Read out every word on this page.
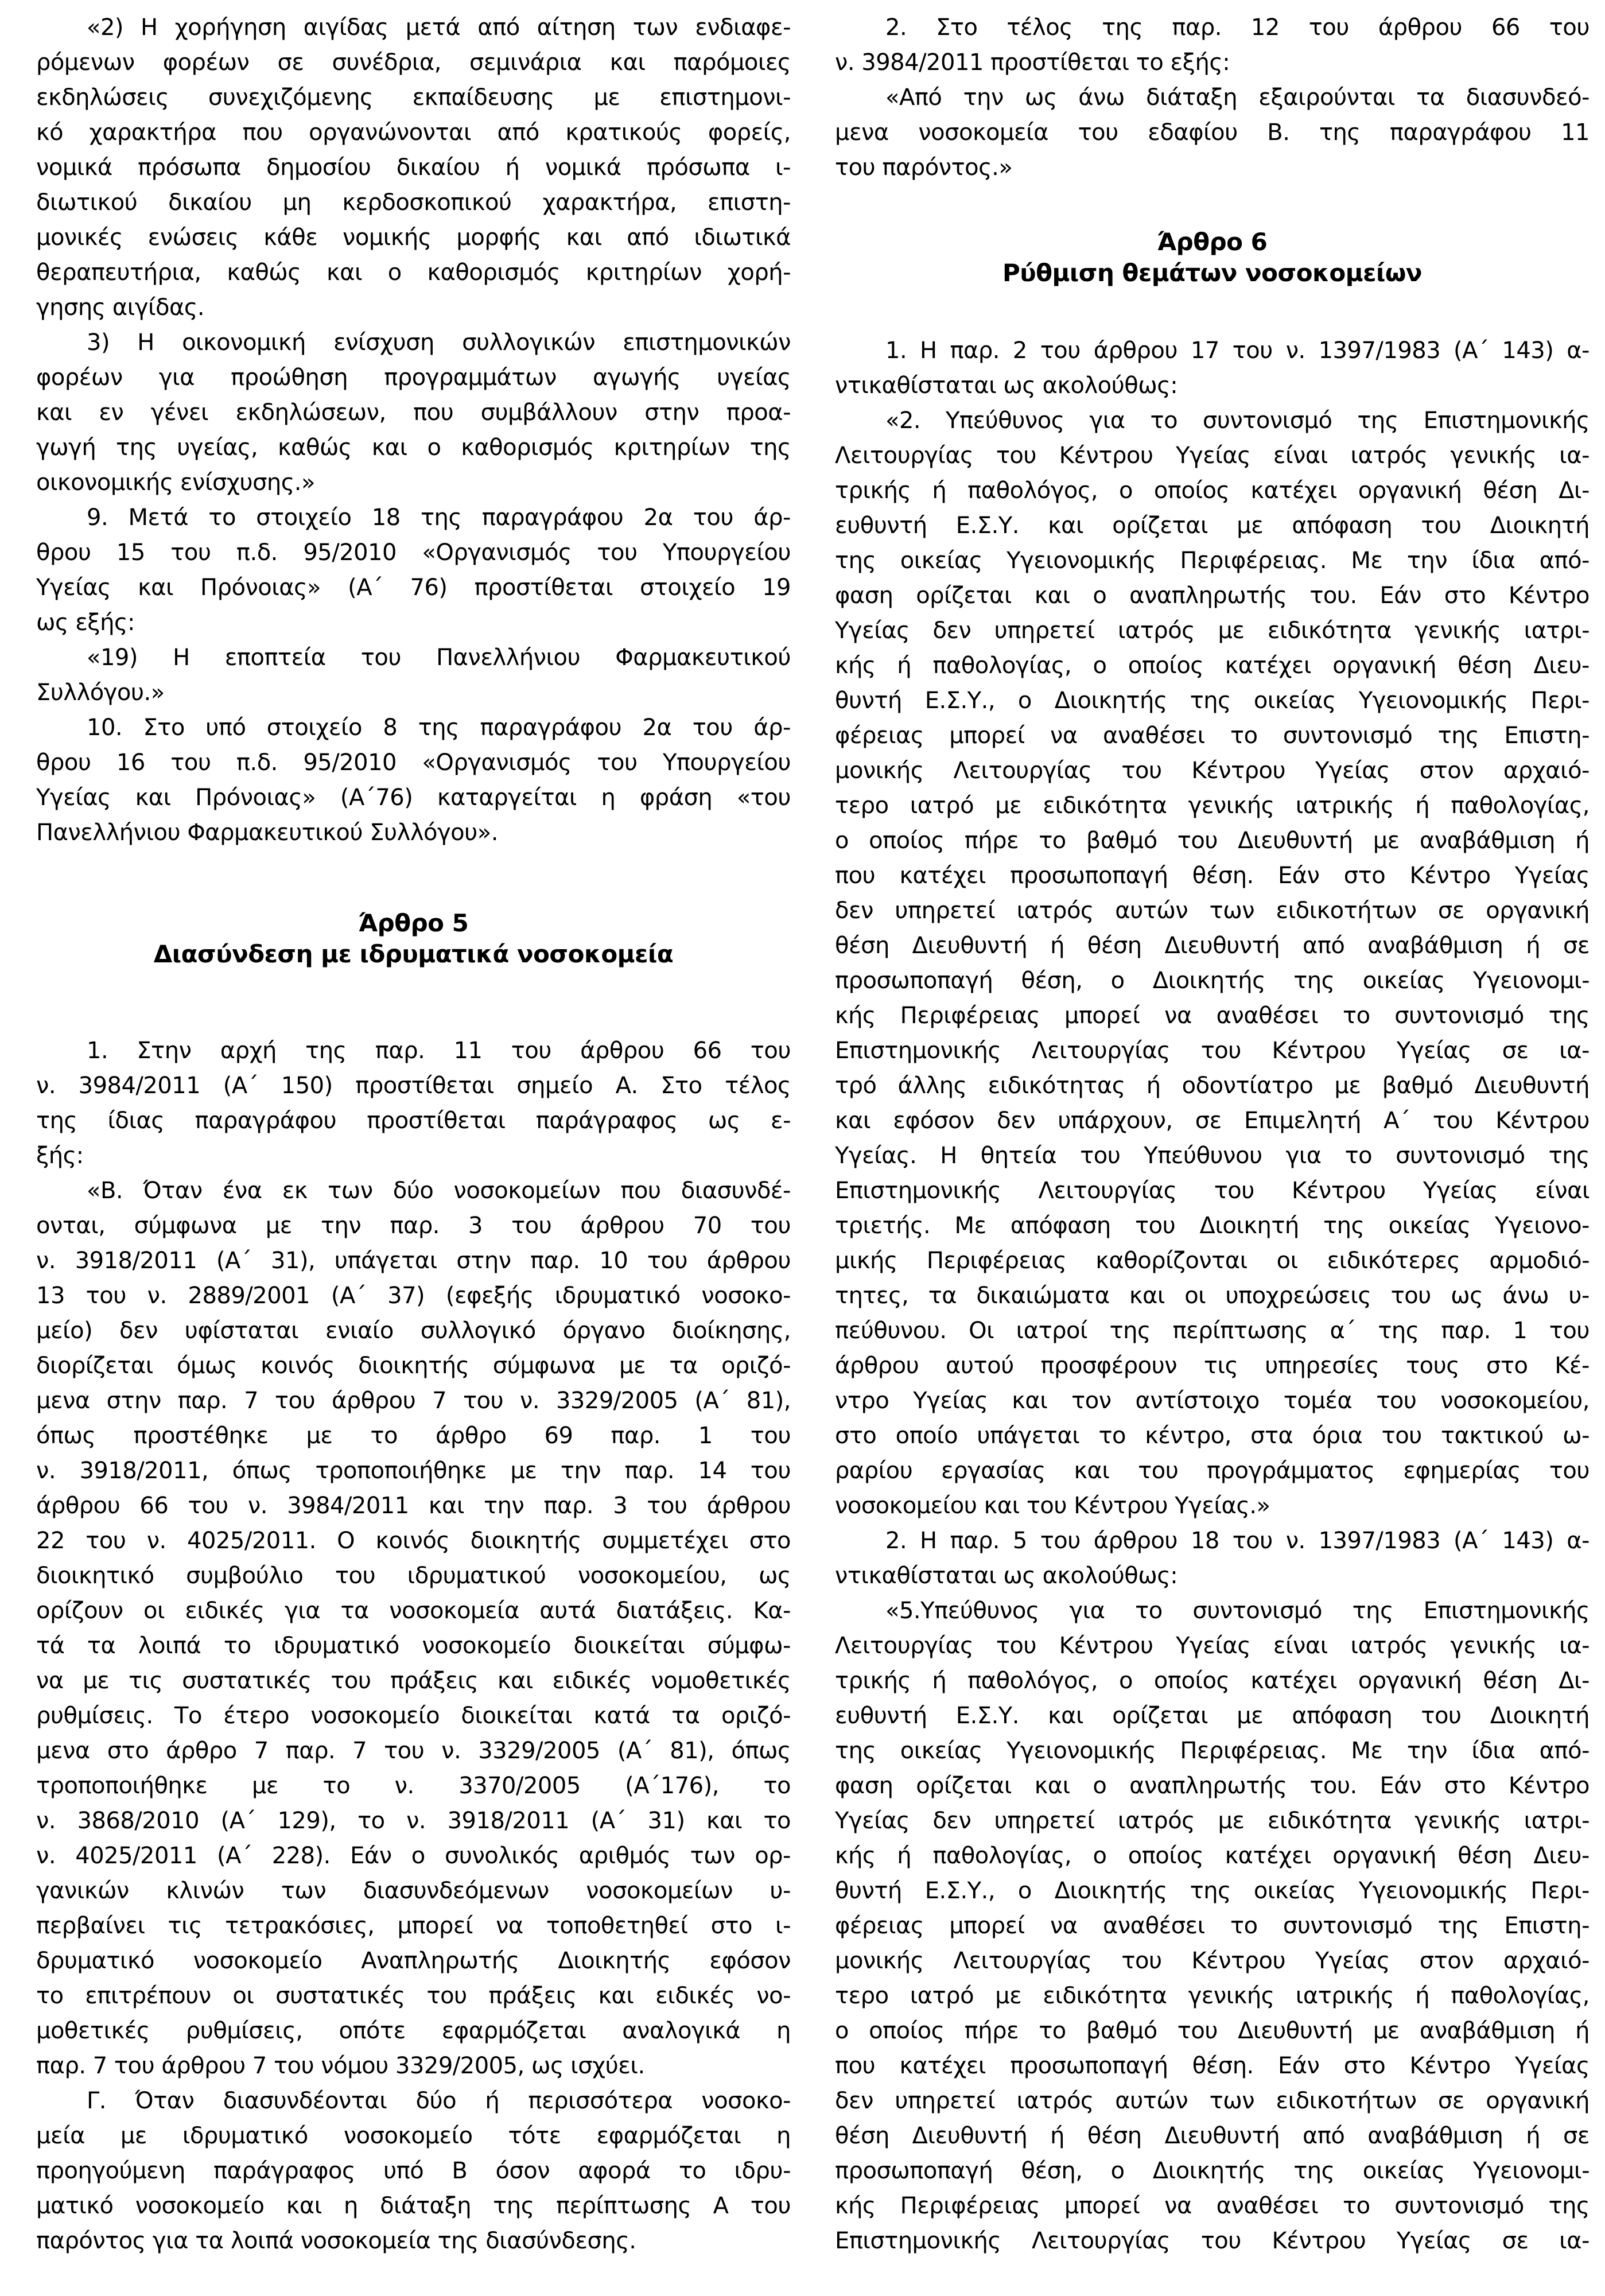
«2) Η χορήγηση αιγίδας μετά από αίτηση των ενδιαφε-
ρόμενων φορέων σε συνέδρια, σεμινάρια και παρόμοιες
εκδηλώσεις συνεχιζόμενης εκπαίδευσης με επιστημονι-
κό χαρακτήρα που οργανώνονται από κρατικούς φορείς,
νομικά πρόσωπα δημοσίου δικαίου ή νομικά πρόσωπα ι-
διωτικού δικαίου μη κερδοσκοπικού χαρακτήρα, επιστη-
μονικές ενώσεις κάθε νομικής μορφής και από ιδιωτικά
θεραπευτήρια, καθώς και ο καθορισμός κριτηρίων χορή-
γησης αιγίδας.
3) Η οικονομική ενίσχυση συλλογικών επιστημονικών
φορέων για προώθηση προγραμμάτων αγωγής υγείας
και εν γένει εκδηλώσεων, που συμβάλλουν στην προα-
γωγή της υγείας, καθώς και ο καθορισμός κριτηρίων της
οικονομικής ενίσχυσης.»
9. Μετά το στοιχείο 18 της παραγράφου 2α του άρ-
θρου 15 του π.δ. 95/2010 «Οργανισμός του Υπουργείου
Υγείας και Πρόνοιας» (Α΄ 76) προστίθεται στοιχείο 19
ως εξής:
«19) Η εποπτεία του Πανελλήνιου Φαρμακευτικού
Συλλόγου.»
10. Στο υπό στοιχείο 8 της παραγράφου 2α του άρ-
θρου 16 του π.δ. 95/2010 «Οργανισμός του Υπουργείου
Υγείας και Πρόνοιας» (Α΄76) καταργείται η φράση «του
Πανελλήνιου Φαρμακευτικού Συλλόγου».
Άρθρο 5
Διασύνδεση με ιδρυματικά νοσοκομεία
1. Στην αρχή της παρ. 11 του άρθρου 66 του
ν. 3984/2011 (Α΄ 150) προστίθεται σημείο Α. Στο τέλος
της ίδιας παραγράφου προστίθεται παράγραφος ως ε-
ξής:
«Β. Όταν ένα εκ των δύο νοσοκομείων που διασυνδέ-
ονται, σύμφωνα με την παρ. 3 του άρθρου 70 του
ν. 3918/2011 (Α΄ 31), υπάγεται στην παρ. 10 του άρθρου
13 του ν. 2889/2001 (Α΄ 37) (εφεξής ιδρυματικό νοσοκο-
μείο) δεν υφίσταται ενιαίο συλλογικό όργανο διοίκησης,
διορίζεται όμως κοινός διοικητής σύμφωνα με τα οριζό-
μενα στην παρ. 7 του άρθρου 7 του ν. 3329/2005 (Α΄ 81),
όπως προστέθηκε με το άρθρο 69 παρ. 1 του
ν. 3918/2011, όπως τροποποιήθηκε με την παρ. 14 του
άρθρου 66 του ν. 3984/2011 και την παρ. 3 του άρθρου
22 του ν. 4025/2011. Ο κοινός διοικητής συμμετέχει στο
διοικητικό συμβούλιο του ιδρυματικού νοσοκομείου, ως
ορίζουν οι ειδικές για τα νοσοκομεία αυτά διατάξεις. Κα-
τά τα λοιπά το ιδρυματικό νοσοκομείο διοικείται σύμφω-
να με τις συστατικές του πράξεις και ειδικές νομοθετικές
ρυθμίσεις. Το έτερο νοσοκομείο διοικείται κατά τα οριζό-
μενα στο άρθρο 7 παρ. 7 του ν. 3329/2005 (Α΄ 81), όπως
τροποποιήθηκε με το ν. 3370/2005 (Α΄176), το
ν. 3868/2010 (Α΄ 129), το ν. 3918/2011 (Α΄ 31) και το
ν. 4025/2011 (Α΄ 228). Εάν ο συνολικός αριθμός των ορ-
γανικών κλινών των διασυνδεόμενων νοσοκομείων υ-
περβαίνει τις τετρακόσιες, μπορεί να τοποθετηθεί στο ι-
δρυματικό νοσοκομείο Αναπληρωτής Διοικητής εφόσον
το επιτρέπουν οι συστατικές του πράξεις και ειδικές νο-
μοθετικές ρυθμίσεις, οπότε εφαρμόζεται αναλογικά η
παρ. 7 του άρθρου 7 του νόμου 3329/2005, ως ισχύει.
Γ. Όταν διασυνδέονται δύο ή περισσότερα νοσοκο-
μεία με ιδρυματικό νοσοκομείο τότε εφαρμόζεται η
προηγούμενη παράγραφος υπό Β όσον αφορά το ιδρυ-
ματικό νοσοκομείο και η διάταξη της περίπτωσης Α του
παρόντος για τα λοιπά νοσοκομεία της διασύνδεσης.
2. Στο τέλος της παρ. 12 του άρθρου 66 του
ν. 3984/2011 προστίθεται το εξής:
«Από την ως άνω διάταξη εξαιρούνται τα διασυνδεό-
μενα νοσοκομεία του εδαφίου Β. της παραγράφου 11
του παρόντος.»
Άρθρο 6
Ρύθμιση θεμάτων νοσοκομείων
1. Η παρ. 2 του άρθρου 17 του ν. 1397/1983 (Α΄ 143) α-
ντικαθίσταται ως ακολούθως:
«2. Υπεύθυνος για το συντονισμό της Επιστημονικής
Λειτουργίας του Κέντρου Υγείας είναι ιατρός γενικής ια-
τρικής ή παθολόγος, ο οποίος κατέχει οργανική θέση Δι-
ευθυντή Ε.Σ.Υ. και ορίζεται με απόφαση του Διοικητή
της οικείας Υγειονομικής Περιφέρειας. Με την ίδια από-
φαση ορίζεται και ο αναπληρωτής του. Εάν στο Κέντρο
Υγείας δεν υπηρετεί ιατρός με ειδικότητα γενικής ιατρι-
κής ή παθολογίας, ο οποίος κατέχει οργανική θέση Διευ-
θυντή Ε.Σ.Υ., ο Διοικητής της οικείας Υγειονομικής Περι-
φέρειας μπορεί να αναθέσει το συντονισμό της Επιστη-
μονικής Λειτουργίας του Κέντρου Υγείας στον αρχαιό-
τερο ιατρό με ειδικότητα γενικής ιατρικής ή παθολογίας,
ο οποίος πήρε το βαθμό του Διευθυντή με αναβάθμιση ή
που κατέχει προσωποπαγή θέση. Εάν στο Κέντρο Υγείας
δεν υπηρετεί ιατρός αυτών των ειδικοτήτων σε οργανική
θέση Διευθυντή ή θέση Διευθυντή από αναβάθμιση ή σε
προσωποπαγή θέση, ο Διοικητής της οικείας Υγειονομι-
κής Περιφέρειας μπορεί να αναθέσει το συντονισμό της
Επιστημονικής Λειτουργίας του Κέντρου Υγείας σε ια-
τρό άλλης ειδικότητας ή οδοντίατρο με βαθμό Διευθυντή
και εφόσον δεν υπάρχουν, σε Επιμελητή Α΄ του Κέντρου
Υγείας. Η θητεία του Υπεύθυνου για το συντονισμό της
Επιστημονικής Λειτουργίας του Κέντρου Υγείας είναι
τριετής. Με απόφαση του Διοικητή της οικείας Υγειονο-
μικής Περιφέρειας καθορίζονται οι ειδικότερες αρμοδιό-
τητες, τα δικαιώματα και οι υποχρεώσεις του ως άνω υ-
πεύθυνου. Οι ιατροί της περίπτωσης α΄ της παρ. 1 του
άρθρου αυτού προσφέρουν τις υπηρεσίες τους στο Κέ-
ντρο Υγείας και τον αντίστοιχο τομέα του νοσοκομείου,
στο οποίο υπάγεται το κέντρο, στα όρια του τακτικού ω-
ραρίου εργασίας και του προγράμματος εφημερίας του
νοσοκομείου και του Κέντρου Υγείας.»
2. Η παρ. 5 του άρθρου 18 του ν. 1397/1983 (Α΄ 143) α-
ντικαθίσταται ως ακολούθως:
«5.Υπεύθυνος για το συντονισμό της Επιστημονικής
Λειτουργίας του Κέντρου Υγείας είναι ιατρός γενικής ια-
τρικής ή παθολόγος, ο οποίος κατέχει οργανική θέση Δι-
ευθυντή Ε.Σ.Υ. και ορίζεται με απόφαση του Διοικητή
της οικείας Υγειονομικής Περιφέρειας. Με την ίδια από-
φαση ορίζεται και ο αναπληρωτής του. Εάν στο Κέντρο
Υγείας δεν υπηρετεί ιατρός με ειδικότητα γενικής ιατρι-
κής ή παθολογίας, ο οποίος κατέχει οργανική θέση Διευ-
θυντή Ε.Σ.Υ., ο Διοικητής της οικείας Υγειονομικής Περι-
φέρειας μπορεί να αναθέσει το συντονισμό της Επιστη-
μονικής Λειτουργίας του Κέντρου Υγείας στον αρχαιό-
τερο ιατρό με ειδικότητα γενικής ιατρικής ή παθολογίας,
ο οποίος πήρε το βαθμό του Διευθυντή με αναβάθμιση ή
που κατέχει προσωποπαγή θέση. Εάν στο Κέντρο Υγείας
δεν υπηρετεί ιατρός αυτών των ειδικοτήτων σε οργανική
θέση Διευθυντή ή θέση Διευθυντή από αναβάθμιση ή σε
προσωποπαγή θέση, ο Διοικητής της οικείας Υγειονομι-
κής Περιφέρειας μπορεί να αναθέσει το συντονισμό της
Επιστημονικής Λειτουργίας του Κέντρου Υγείας σε ια-
